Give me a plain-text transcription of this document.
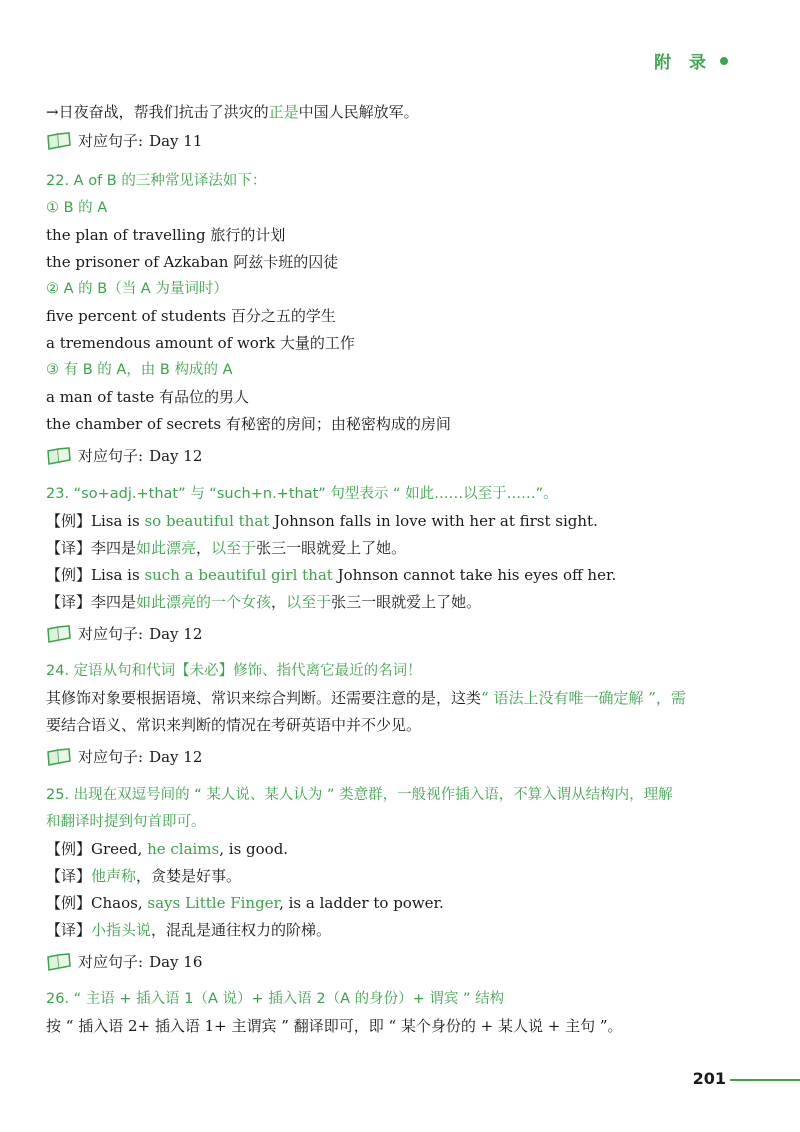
附 录
→日夜奋战，帮我们抗击了洪灾的正是中国人民解放军。
对应句子: Day 11
22. A of B 的三种常见译法如下：
① B 的 A
the plan of travelling 旅行的计划
the prisoner of Azkaban 阿兹卡班的囚徒
② A 的 B（当 A 为量词时）
five percent of students 百分之五的学生
a tremendous amount of work 大量的工作
③ 有 B 的 A，由 B 构成的 A
a man of taste 有品位的男人
the chamber of secrets 有秘密的房间；由秘密构成的房间
对应句子: Day 12
23. “so+adj.+that” 与 “such+n.+that” 句型表示 “ 如此……以至于……”。
【例】Lisa is so beautiful that Johnson falls in love with her at first sight.
【译】李四是如此漂亮，以至于张三一眼就爱上了她。
【例】Lisa is such a beautiful girl that Johnson cannot take his eyes off her.
【译】李四是如此漂亮的一个女孩，以至于张三一眼就爱上了她。
对应句子: Day 12
24. 定语从句和代词【未必】修饰、指代离它最近的名词！
其修饰对象要根据语境、常识来综合判断。还需要注意的是，这类“ 语法上没有唯一确定解 ”，需
要结合语义、常识来判断的情况在考研英语中并不少见。
对应句子: Day 12
25. 出现在双逗号间的 “ 某人说、某人认为 ” 类意群，一般视作插入语，不算入谓从结构内，理解
和翻译时提到句首即可。
【例】Greed, he claims, is good.
【译】他声称，贪婪是好事。
【例】Chaos, says Little Finger, is a ladder to power.
【译】小指头说，混乱是通往权力的阶梯。
对应句子: Day 16
26. “ 主语 + 插入语 1（A 说）+ 插入语 2（A 的身份）+ 谓宾 ” 结构
按 “ 插入语 2+ 插入语 1+ 主谓宾 ” 翻译即可，即 “ 某个身份的 + 某人说 + 主句 ”。
201
